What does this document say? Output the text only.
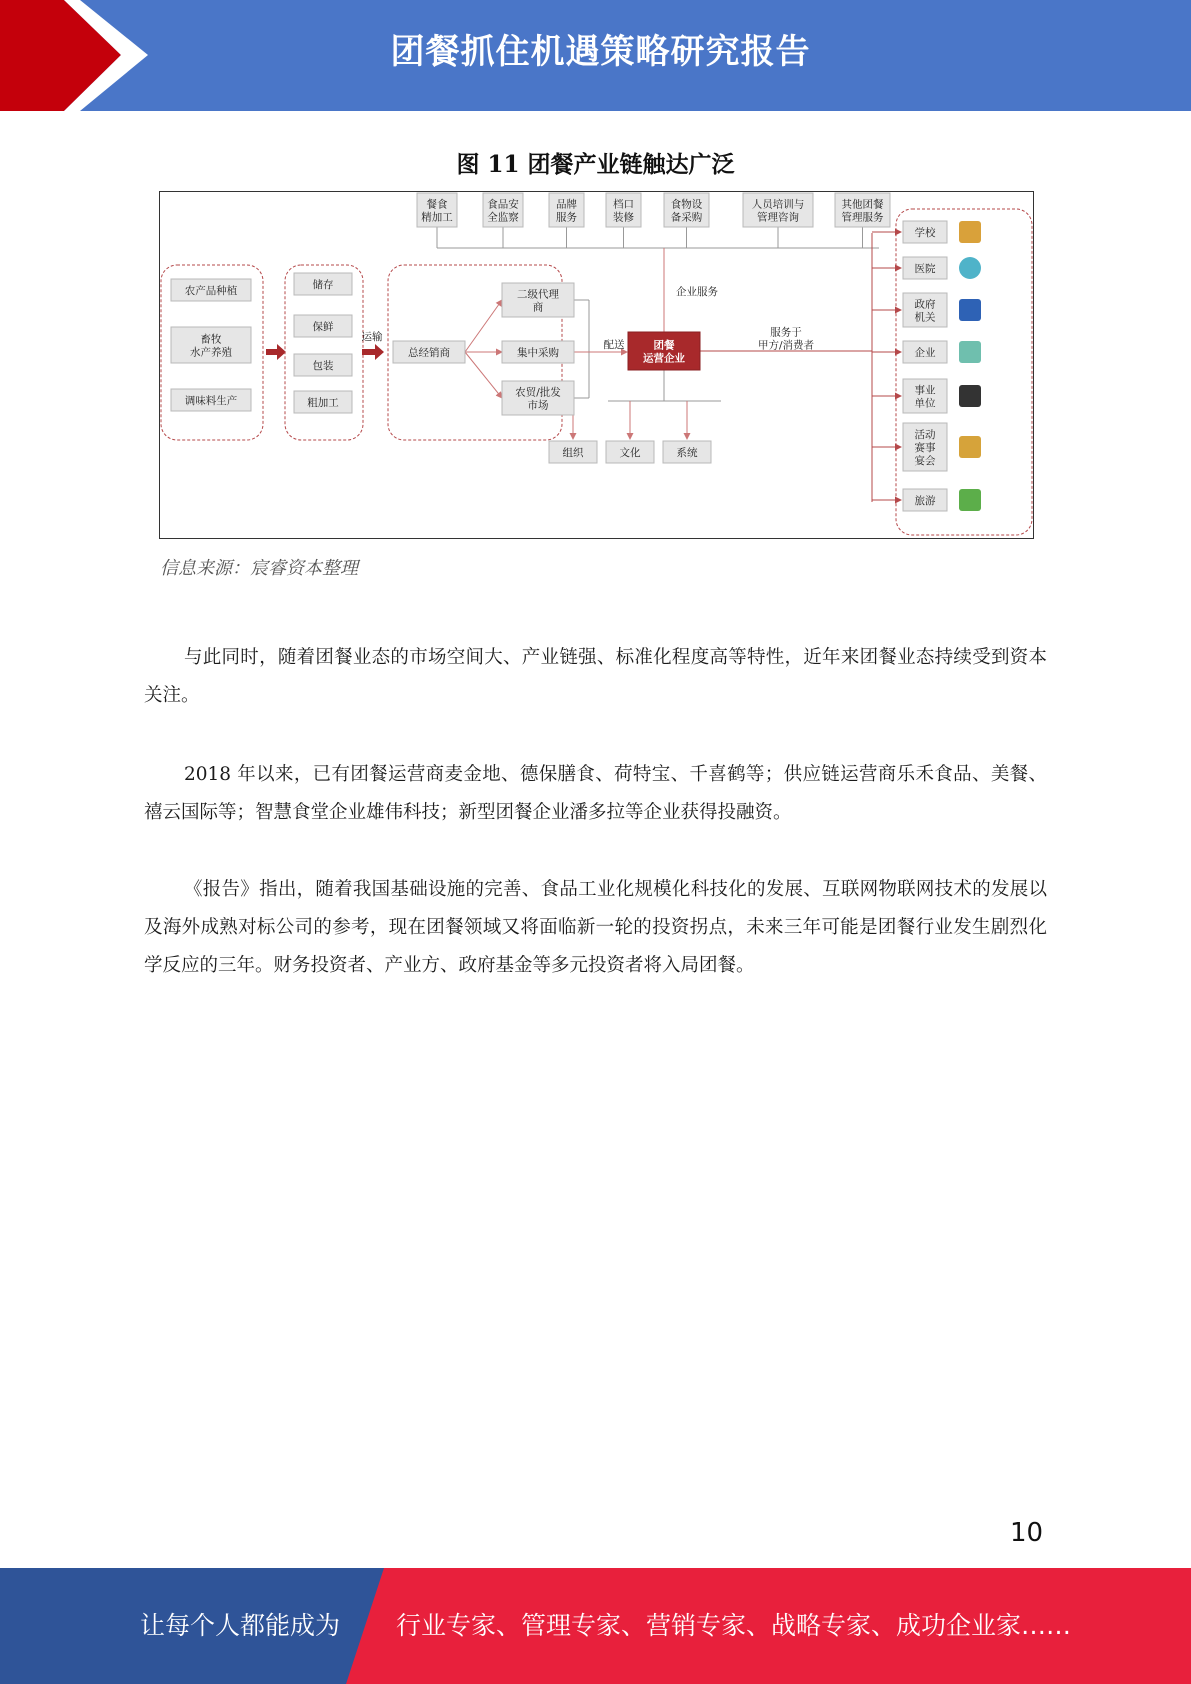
团餐抓住机遇策略研究报告
图 11 团餐产业链触达广泛
餐食精加工
食品安全监察
品牌服务
档口装修
食物设备采购
人员培训与管理咨询
其他团餐管理服务
企业服务
农产品种植
畜牧水产养殖
调味料生产
储存
保鲜
包装
粗加工
运输
总经销商
二级代理商
集中采购
农贸/批发市场
配送	团餐运营企业
服务于甲方/消费者
组织	文化	系统
学校
医院
政府机关
企业
事业单位
活动赛事宴会
旅游
信息来源：宸睿资本整理

与此同时，随着团餐业态的市场空间大、产业链强、标准化程度高等特性，近年来团餐业态持续受到资本关注。

2018 年以来，已有团餐运营商麦金地、德保膳食、荷特宝、千喜鹤等；供应链运营商乐禾食品、美餐、禧云国际等；智慧食堂企业雄伟科技；新型团餐企业潘多拉等企业获得投融资。

《报告》指出，随着我国基础设施的完善、食品工业化规模化科技化的发展、互联网物联网技术的发展以及海外成熟对标公司的参考，现在团餐领域又将面临新一轮的投资拐点，未来三年可能是团餐行业发生剧烈化学反应的三年。财务投资者、产业方、政府基金等多元投资者将入局团餐。

10
让每个人都能成为 行业专家、管理专家、营销专家、战略专家、成功企业家……
